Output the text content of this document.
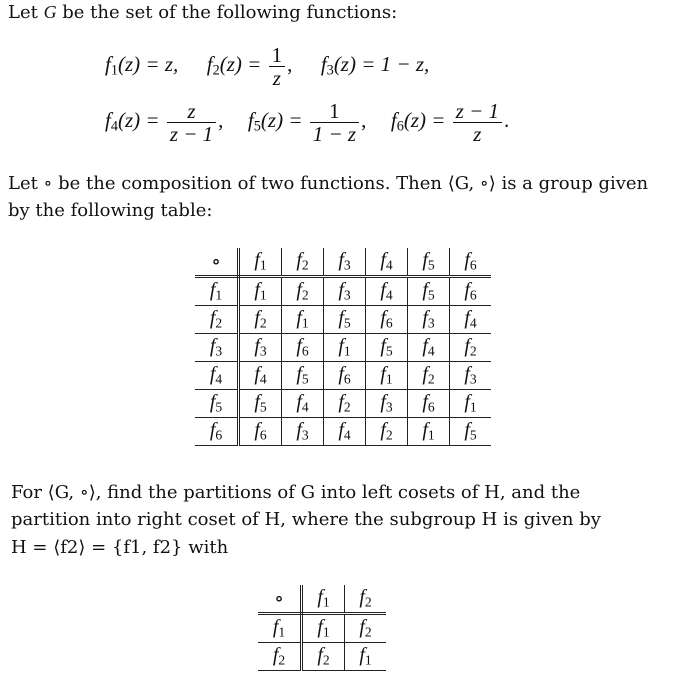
Let G be the set of the following functions:
$f_1(z) = z$, $f_2(z) = \frac{1}{z}$ , $f_3(z) = 1 - z$,
$f_4(z) = \frac{z}{z - 1}$ , $f_5(z) = \frac{1}{1 - z}$ , $f_6(z) = \frac{z - 1}{z}$ .
Let ∘ be the composition of two functions. Then ⟨G, ∘⟩ is a group given
by the following table:
∘	$f_1$	$f_2$	$f_3$	$f_4$	$f_5$	$f_6$
$f_1$	$f_1$	$f_2$	$f_3$	$f_4$	$f_5$	$f_6$
$f_2$	$f_2$	$f_1$	$f_5$	$f_6$	$f_3$	$f_4$
$f_3$	$f_3$	$f_6$	$f_1$	$f_5$	$f_4$	$f_2$
$f_4$	$f_4$	$f_5$	$f_6$	$f_1$	$f_2$	$f_3$
$f_5$	$f_5$	$f_4$	$f_2$	$f_3$	$f_6$	$f_1$
$f_6$	$f_6$	$f_3$	$f_4$	$f_2$	$f_1$	$f_5$
For ⟨G, ∘⟩, find the partitions of G into left cosets of H, and the
partition into right coset of H, where the subgroup H is given by
H = ⟨f2⟩ = {f1, f2} with
∘	$f_1$	$f_2$
$f_1$	$f_1$	$f_2$
$f_2$	$f_2$	$f_1$
